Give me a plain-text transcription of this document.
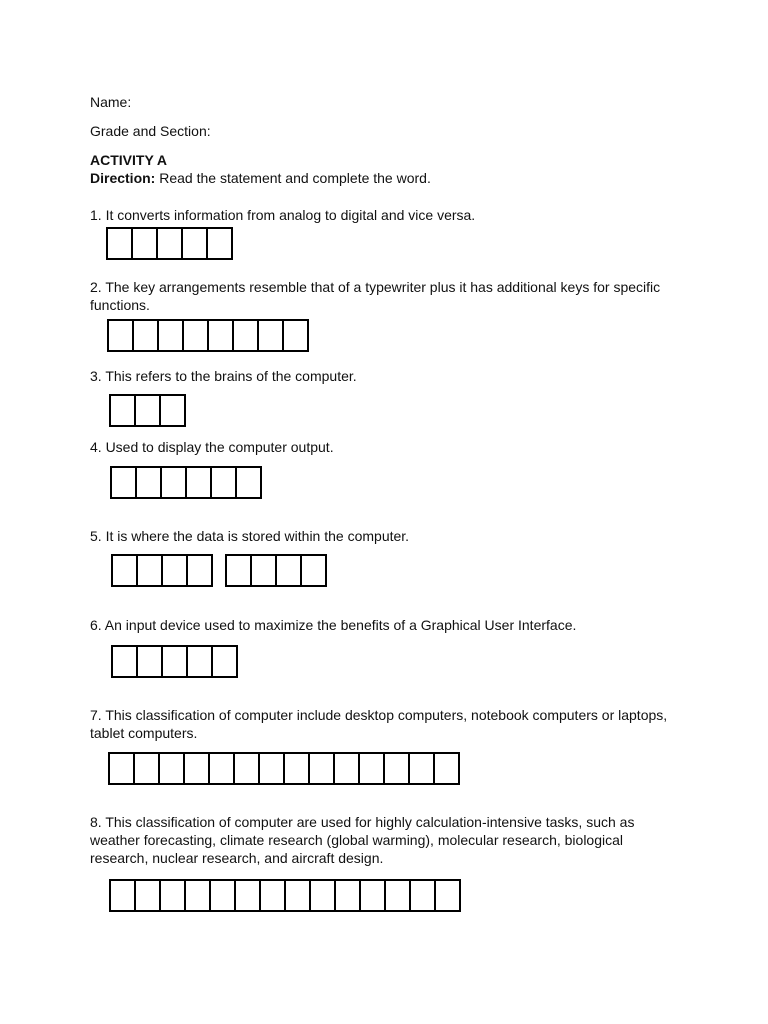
Name:
Grade and Section:
ACTIVITY A
Direction: Read the statement and complete the word.
1. It converts information from analog to digital and vice versa.
2. The key arrangements resemble that of a typewriter plus it has additional keys for specific functions.
3. This refers to the brains of the computer.
4. Used to display the computer output.
5. It is where the data is stored within the computer.
6. An input device used to maximize the benefits of a Graphical User Interface.
7. This classification of computer include desktop computers, notebook computers or laptops, tablet computers.
8. This classification of computer are used for highly calculation-intensive tasks, such as weather forecasting, climate research (global warming), molecular research, biological research, nuclear research, and aircraft design.
